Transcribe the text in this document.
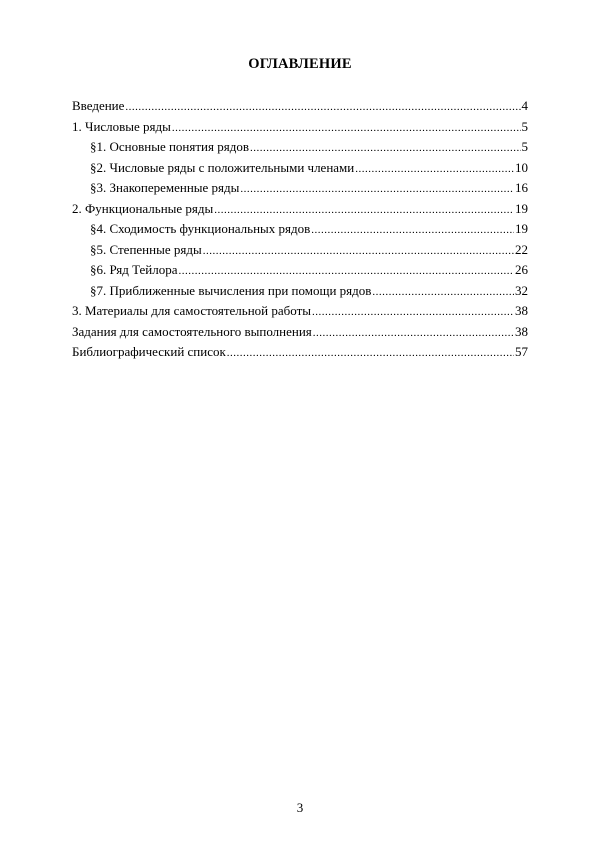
ОГЛАВЛЕНИЕ
Введение .....	4
1. Числовые ряды .....	5
§1. Основные понятия рядов .....	5
§2. Числовые ряды с положительными членами .....	10
§3. Знакопеременные ряды .....	16
2. Функциональные ряды .....	19
§4. Сходимость функциональных рядов .....	19
§5. Степенные ряды .....	22
§6. Ряд Тейлора .....	26
§7. Приближенные вычисления при помощи рядов .....	32
3. Материалы для самостоятельной работы .....	38
Задания для самостоятельного выполнения .....	38
Библиографический список .....	57
3
